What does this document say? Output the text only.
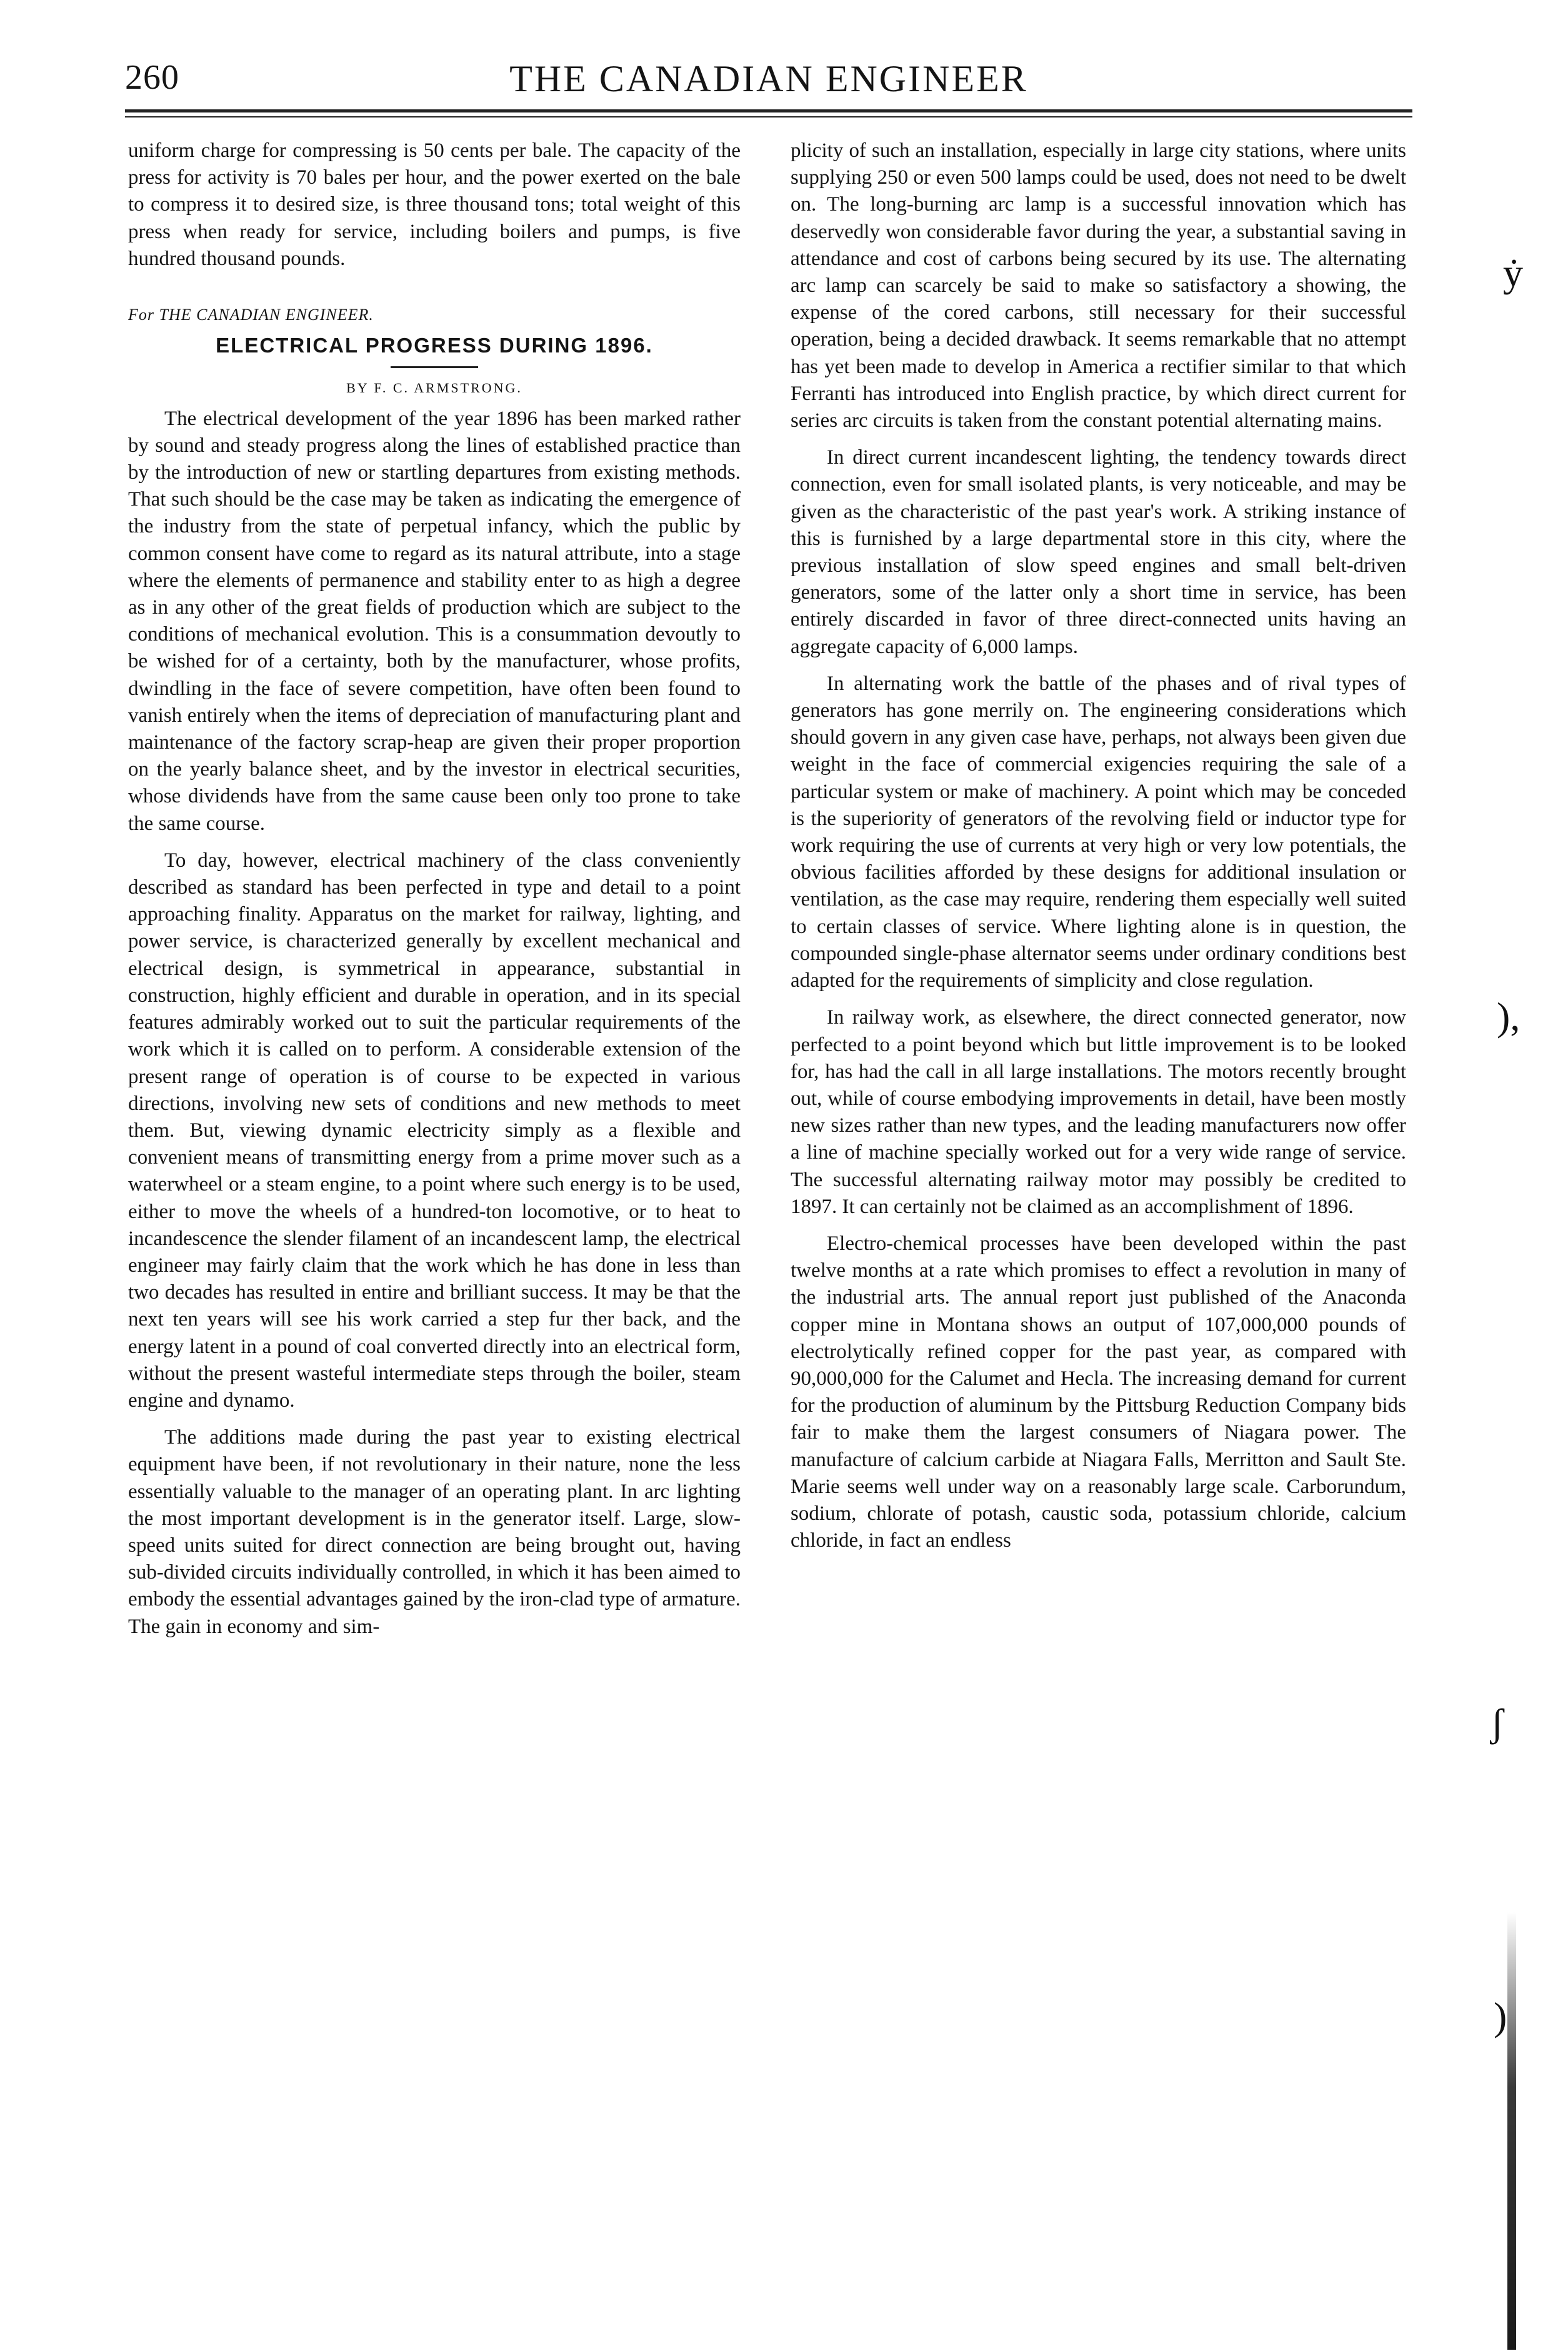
260	THE CANADIAN ENGINEER

uniform charge for compressing is 50 cents per bale. The capacity of the press for activity is 70 bales per hour, and the power exerted on the bale to compress it to desired size, is three thousand tons; total weight of this press when ready for service, including boilers and pumps, is five hundred thousand pounds.

For THE CANADIAN ENGINEER.
ELECTRICAL PROGRESS DURING 1896.
BY F. C. ARMSTRONG.

The electrical development of the year 1896 has been marked rather by sound and steady progress along the lines of established practice than by the introduction of new or startling departures from existing methods. That such should be the case may be taken as indicating the emergence of the industry from the state of perpetual infancy, which the public by common consent have come to regard as its natural attribute, into a stage where the elements of permanence and stability enter to as high a degree as in any other of the great fields of production which are subject to the conditions of mechanical evolution. This is a consummation devoutly to be wished for of a certainty, both by the manufacturer, whose profits, dwindling in the face of severe competition, have often been found to vanish entirely when the items of depreciation of manufacturing plant and maintenance of the factory scrap-heap are given their proper proportion on the yearly balance sheet, and by the investor in electrical securities, whose dividends have from the same cause been only too prone to take the same course.

To day, however, electrical machinery of the class conveniently described as standard has been perfected in type and detail to a point approaching finality. Apparatus on the market for railway, lighting, and power service, is characterized generally by excellent mechanical and electrical design, is symmetrical in appearance, substantial in construction, highly efficient and durable in operation, and in its special features admirably worked out to suit the particular requirements of the work which it is called on to perform. A considerable extension of the present range of operation is of course to be expected in various directions, involving new sets of conditions and new methods to meet them. But, viewing dynamic electricity simply as a flexible and convenient means of transmitting energy from a prime mover such as a waterwheel or a steam engine, to a point where such energy is to be used, either to move the wheels of a hundred-ton locomotive, or to heat to incandescence the slender filament of an incandescent lamp, the electrical engineer may fairly claim that the work which he has done in less than two decades has resulted in entire and brilliant success. It may be that the next ten years will see his work carried a step fur ther back, and the energy latent in a pound of coal converted directly into an electrical form, without the present wasteful intermediate steps through the boiler, steam engine and dynamo.

The additions made during the past year to existing electrical equipment have been, if not revolutionary in their nature, none the less essentially valuable to the manager of an operating plant. In arc lighting the most important development is in the generator itself. Large, slow-speed units suited for direct connection are being brought out, having sub-divided circuits individually controlled, in which it has been aimed to embody the essential advantages gained by the iron-clad type of armature. The gain in economy and sim-

plicity of such an installation, especially in large city stations, where units supplying 250 or even 500 lamps could be used, does not need to be dwelt on. The long-burning arc lamp is a successful innovation which has deservedly won considerable favor during the year, a substantial saving in attendance and cost of carbons being secured by its use. The alternating arc lamp can scarcely be said to make so satisfactory a showing, the expense of the cored carbons, still necessary for their successful operation, being a decided drawback. It seems remarkable that no attempt has yet been made to develop in America a rectifier similar to that which Ferranti has introduced into English practice, by which direct current for series arc circuits is taken from the constant potential alternating mains.

In direct current incandescent lighting, the tendency towards direct connection, even for small isolated plants, is very noticeable, and may be given as the characteristic of the past year's work. A striking instance of this is furnished by a large departmental store in this city, where the previous installation of slow speed engines and small belt-driven generators, some of the latter only a short time in service, has been entirely discarded in favor of three direct-connected units having an aggregate capacity of 6,000 lamps.

In alternating work the battle of the phases and of rival types of generators has gone merrily on. The engineering considerations which should govern in any given case have, perhaps, not always been given due weight in the face of commercial exigencies requiring the sale of a particular system or make of machinery. A point which may be conceded is the superiority of generators of the revolving field or inductor type for work requiring the use of currents at very high or very low potentials, the obvious facilities afforded by these designs for additional insulation or ventilation, as the case may require, rendering them especially well suited to certain classes of service. Where lighting alone is in question, the compounded single-phase alternator seems under ordinary conditions best adapted for the requirements of simplicity and close regulation.

In railway work, as elsewhere, the direct connected generator, now perfected to a point beyond which but little improvement is to be looked for, has had the call in all large installations. The motors recently brought out, while of course embodying improvements in detail, have been mostly new sizes rather than new types, and the leading manufacturers now offer a line of machine specially worked out for a very wide range of service. The successful alternating railway motor may possibly be credited to 1897. It can certainly not be claimed as an accomplishment of 1896.

Electro-chemical processes have been developed within the past twelve months at a rate which promises to effect a revolution in many of the industrial arts. The annual report just published of the Anaconda copper mine in Montana shows an output of 107,000,000 pounds of electrolytically refined copper for the past year, as compared with 90,000,000 for the Calumet and Hecla. The increasing demand for current for the production of aluminum by the Pittsburg Reduction Company bids fair to make them the largest consumers of Niagara power. The manufacture of calcium carbide at Niagara Falls, Merritton and Sault Ste. Marie seems well under way on a reasonably large scale. Carborundum, sodium, chlorate of potash, caustic soda, potassium chloride, calcium chloride, in fact an endless

ẏ
),
ʃ
)
